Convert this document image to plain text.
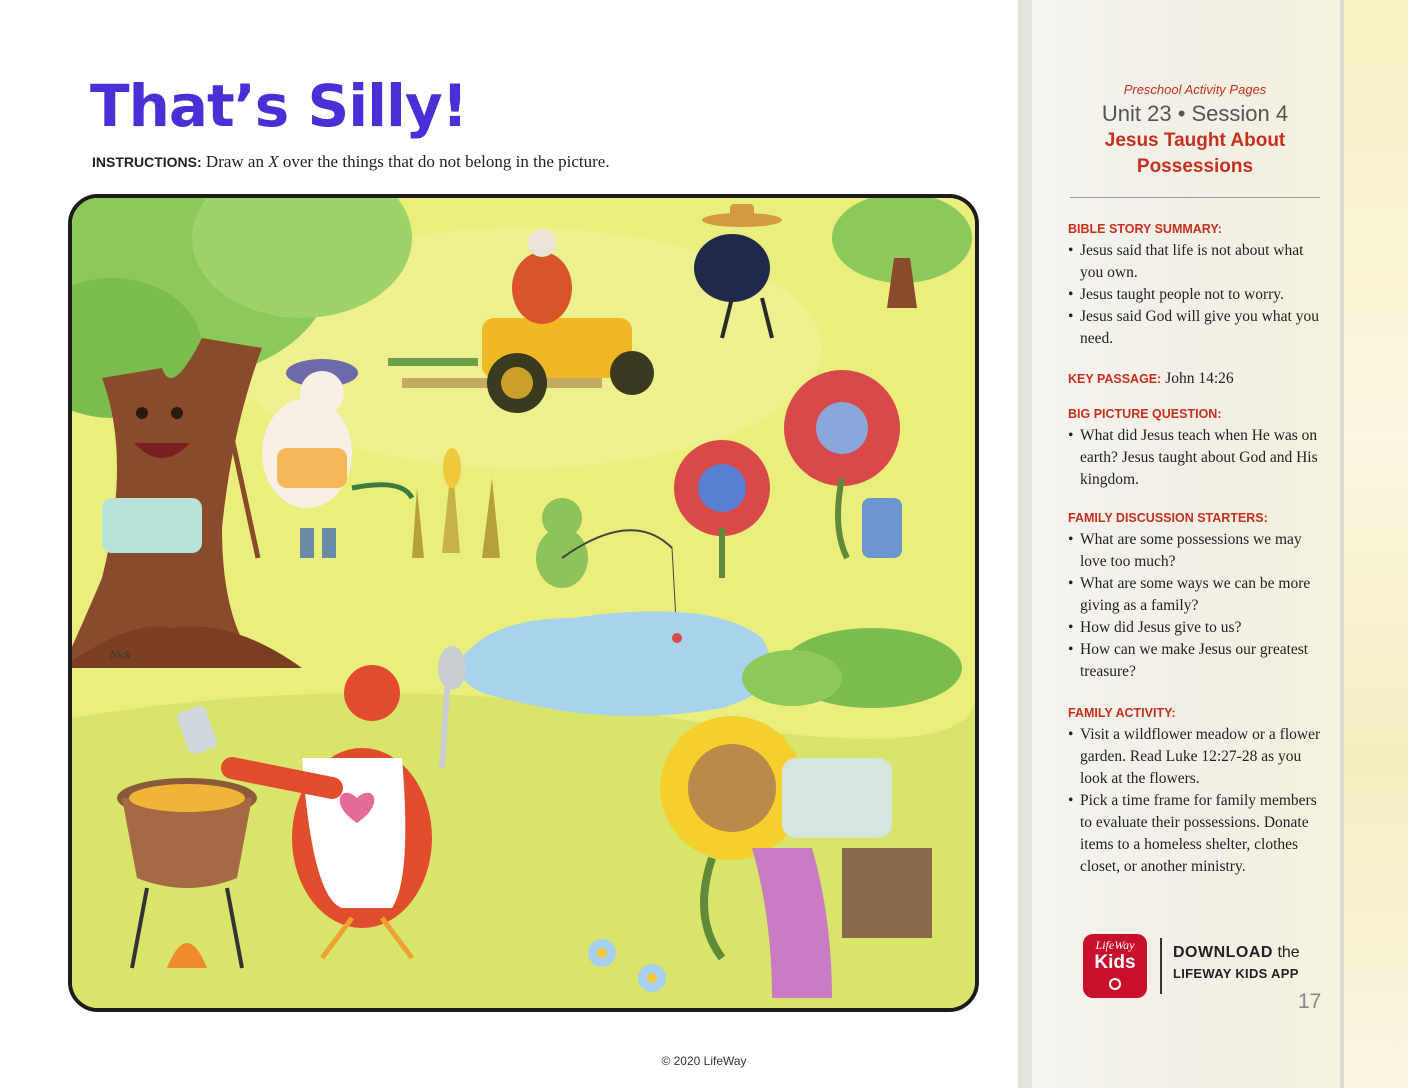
That’s Silly!
INSTRUCTIONS: Draw an X over the things that do not belong in the picture.
Nick
© 2020 LifeWay
Preschool Activity Pages
Unit 23 • Session 4
Jesus Taught About
Possessions
BIBLE STORY SUMMARY:
• Jesus said that life is not about what you own.
• Jesus taught people not to worry.
• Jesus said God will give you what you need.
KEY PASSAGE: John 14:26
BIG PICTURE QUESTION:
• What did Jesus teach when He was on earth? Jesus taught about God and His kingdom.
FAMILY DISCUSSION STARTERS:
• What are some possessions we may love too much?
• What are some ways we can be more giving as a family?
• How did Jesus give to us?
• How can we make Jesus our greatest treasure?
FAMILY ACTIVITY:
• Visit a wildflower meadow or a flower garden. Read Luke 12:27-28 as you look at the flowers.
• Pick a time frame for family members to evaluate their possessions. Donate items to a homeless shelter, clothes closet, or another ministry.
LifeWay
Kids	DOWNLOAD the
LIFEWAY KIDS APP
17
